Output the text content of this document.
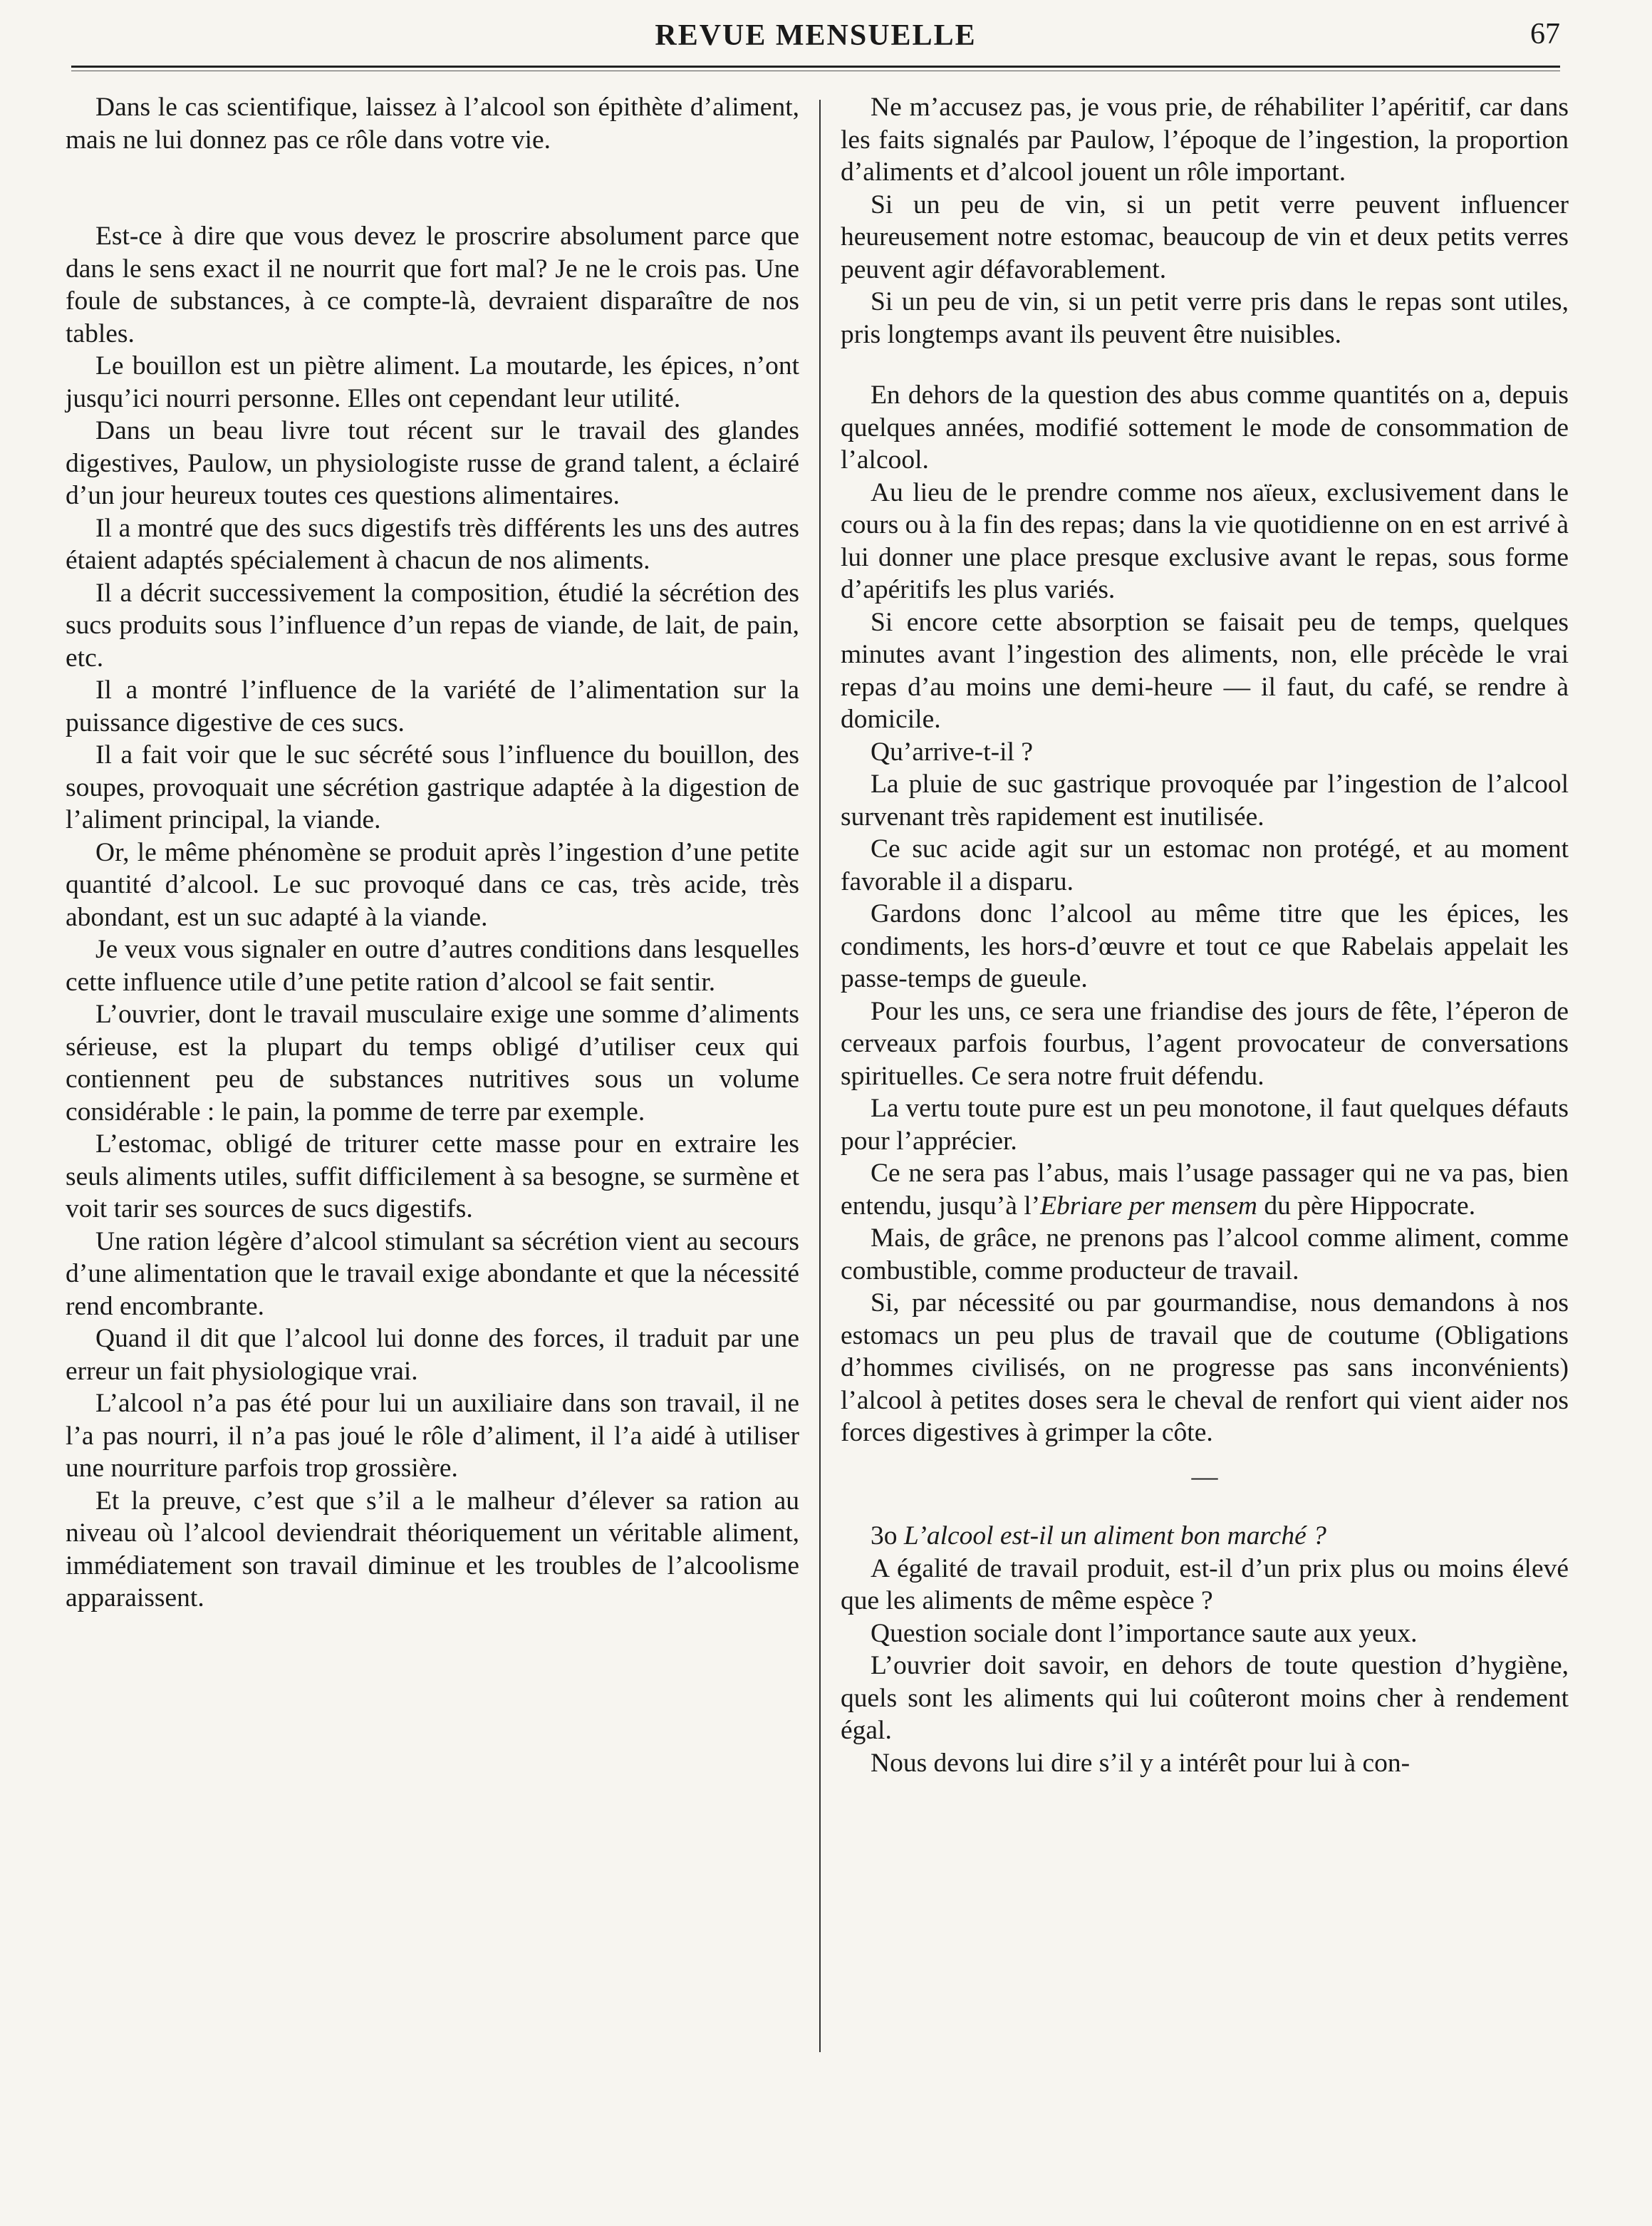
REVUE MENSUELLE	67

Dans le cas scientifique, laissez à l’alcool son épithète d’aliment, mais ne lui donnez pas ce rôle dans votre vie.

Est-ce à dire que vous devez le proscrire absolument parce que dans le sens exact il ne nourrit que fort mal? Je ne le crois pas. Une foule de substances, à ce compte-là, devraient disparaître de nos tables.

Le bouillon est un piètre aliment. La moutarde, les épices, n’ont jusqu’ici nourri personne. Elles ont cependant leur utilité.

Dans un beau livre tout récent sur le travail des glandes digestives, Paulow, un physiologiste russe de grand talent, a éclairé d’un jour heureux toutes ces questions alimentaires.

Il a montré que des sucs digestifs très différents les uns des autres étaient adaptés spécialement à chacun de nos aliments.

Il a décrit successivement la composition, étudié la sécrétion des sucs produits sous l’influence d’un repas de viande, de lait, de pain, etc.

Il a montré l’influence de la variété de l’alimentation sur la puissance digestive de ces sucs.

Il a fait voir que le suc sécrété sous l’influence du bouillon, des soupes, provoquait une sécrétion gastrique adaptée à la digestion de l’aliment principal, la viande.

Or, le même phénomène se produit après l’ingestion d’une petite quantité d’alcool. Le suc provoqué dans ce cas, très acide, très abondant, est un suc adapté à la viande.

Je veux vous signaler en outre d’autres conditions dans lesquelles cette influence utile d’une petite ration d’alcool se fait sentir.

L’ouvrier, dont le travail musculaire exige une somme d’aliments sérieuse, est la plupart du temps obligé d’utiliser ceux qui contiennent peu de substances nutritives sous un volume considérable : le pain, la pomme de terre par exemple.

L’estomac, obligé de triturer cette masse pour en extraire les seuls aliments utiles, suffit difficilement à sa besogne, se surmène et voit tarir ses sources de sucs digestifs.

Une ration légère d’alcool stimulant sa sécrétion vient au secours d’une alimentation que le travail exige abondante et que la nécessité rend encombrante.

Quand il dit que l’alcool lui donne des forces, il traduit par une erreur un fait physiologique vrai.

L’alcool n’a pas été pour lui un auxiliaire dans son travail, il ne l’a pas nourri, il n’a pas joué le rôle d’aliment, il l’a aidé à utiliser une nourriture parfois trop grossière.

Et la preuve, c’est que s’il a le malheur d’élever sa ration au niveau où l’alcool deviendrait théoriquement un véritable aliment, immédiatement son travail diminue et les troubles de l’alcoolisme apparaissent.

Ne m’accusez pas, je vous prie, de réhabiliter l’apéritif, car dans les faits signalés par Paulow, l’époque de l’ingestion, la proportion d’aliments et d’alcool jouent un rôle important.

Si un peu de vin, si un petit verre peuvent influencer heureusement notre estomac, beaucoup de vin et deux petits verres peuvent agir défavorablement.

Si un peu de vin, si un petit verre pris dans le repas sont utiles, pris longtemps avant ils peuvent être nuisibles.

En dehors de la question des abus comme quantités on a, depuis quelques années, modifié sottement le mode de consommation de l’alcool.

Au lieu de le prendre comme nos aïeux, exclusivement dans le cours ou à la fin des repas; dans la vie quotidienne on en est arrivé à lui donner une place presque exclusive avant le repas, sous forme d’apéritifs les plus variés.

Si encore cette absorption se faisait peu de temps, quelques minutes avant l’ingestion des aliments, non, elle précède le vrai repas d’au moins une demi-heure — il faut, du café, se rendre à domicile.

Qu’arrive-t-il ?

La pluie de suc gastrique provoquée par l’ingestion de l’alcool survenant très rapidement est inutilisée.

Ce suc acide agit sur un estomac non protégé, et au moment favorable il a disparu.

Gardons donc l’alcool au même titre que les épices, les condiments, les hors-d’œuvre et tout ce que Rabelais appelait les passe-temps de gueule.

Pour les uns, ce sera une friandise des jours de fête, l’éperon de cerveaux parfois fourbus, l’agent provocateur de conversations spirituelles. Ce sera notre fruit défendu.

La vertu toute pure est un peu monotone, il faut quelques défauts pour l’apprécier.

Ce ne sera pas l’abus, mais l’usage passager qui ne va pas, bien entendu, jusqu’à l’Ebriare per mensem du père Hippocrate.

Mais, de grâce, ne prenons pas l’alcool comme aliment, comme combustible, comme producteur de travail.

Si, par nécessité ou par gourmandise, nous demandons à nos estomacs un peu plus de travail que de coutume (Obligations d’hommes civilisés, on ne progresse pas sans inconvénients) l’alcool à petites doses sera le cheval de renfort qui vient aider nos forces digestives à grimper la côte.

—

3o L’alcool est-il un aliment bon marché ?

A égalité de travail produit, est-il d’un prix plus ou moins élevé que les aliments de même espèce ?

Question sociale dont l’importance saute aux yeux.

L’ouvrier doit savoir, en dehors de toute question d’hygiène, quels sont les aliments qui lui coûteront moins cher à rendement égal.

Nous devons lui dire s’il y a intérêt pour lui à con-
